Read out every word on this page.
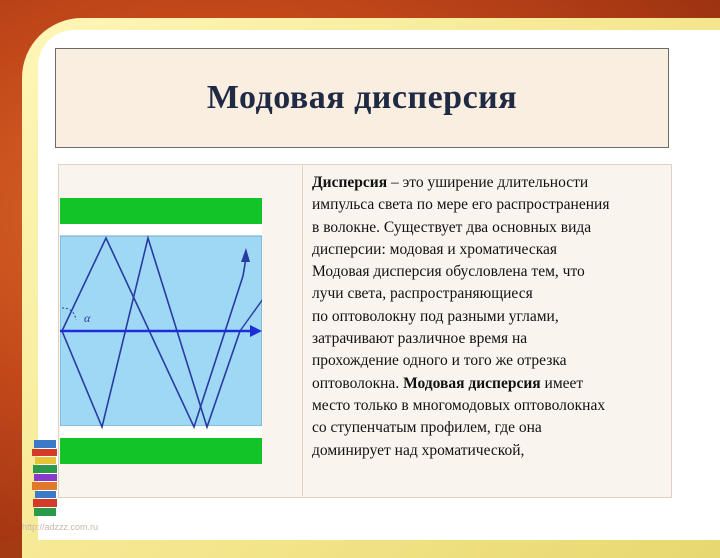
Модовая дисперсия
α

Дисперсия – это уширение длительности

импульса света по мере его распространения

в волокне. Существует два основных вида

дисперсии: модовая и хроматическая

Модовая дисперсия обусловлена тем, что

лучи света, распространяющиеся

по оптоволокну под разными углами,

затрачивают различное время на

прохождение одного и того же отрезка

оптоволокна. Модовая дисперсия имеет

место только в многомодовых оптоволокнах

со ступенчатым профилем, где она

доминирует над хроматической,

http://adzzz.com.ru
